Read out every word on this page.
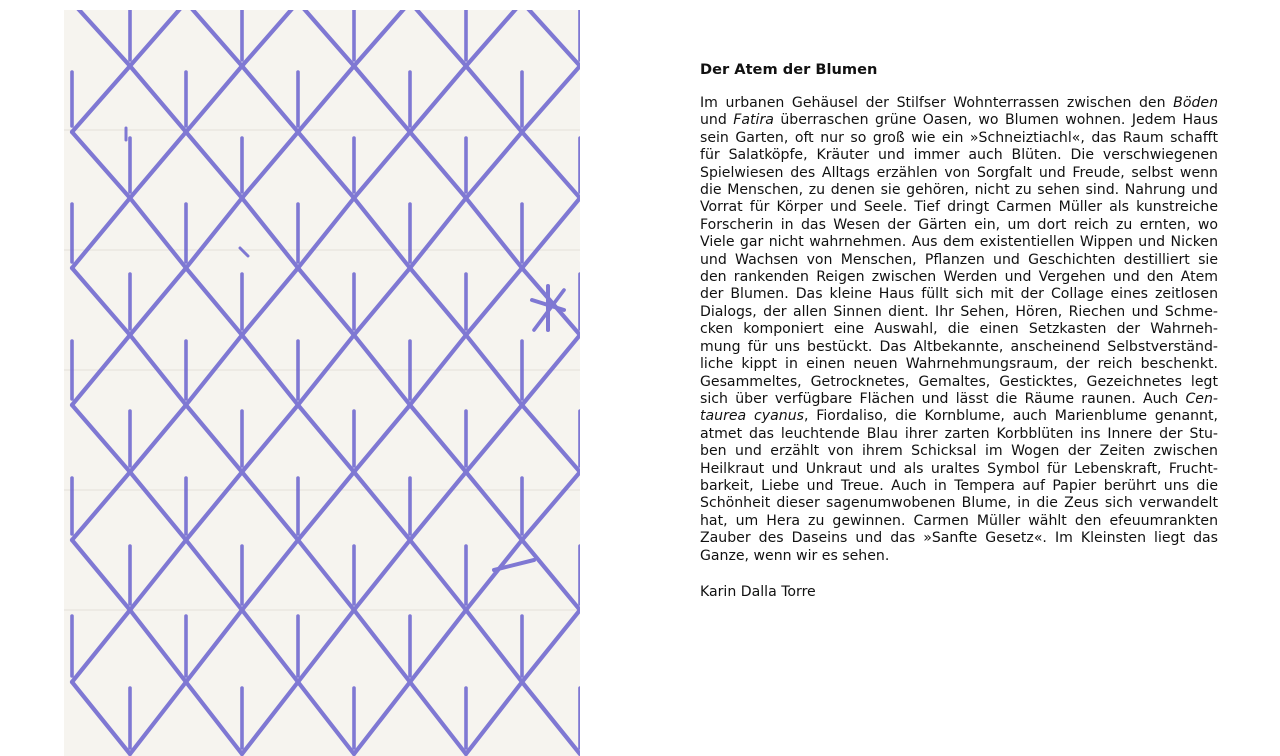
Der Atem der Blumen
Im urbanen Gehäusel der Stilfser Wohnterrassen zwischen den Böden
und Fatira überraschen grüne Oasen, wo Blumen wohnen. Jedem Haus
sein Garten, oft nur so groß wie ein »Schneiztiachl«, das Raum schafft
für Salatköpfe, Kräuter und immer auch Blüten. Die verschwiegenen
Spielwiesen des Alltags erzählen von Sorgfalt und Freude, selbst wenn
die Menschen, zu denen sie gehören, nicht zu sehen sind. Nahrung und
Vorrat für Körper und Seele. Tief dringt Carmen Müller als kunstreiche
Forscherin in das Wesen der Gärten ein, um dort reich zu ernten, wo
Viele gar nicht wahrnehmen. Aus dem existentiellen Wippen und Nicken
und Wachsen von Menschen, Pflanzen und Geschichten destilliert sie
den rankenden Reigen zwischen Werden und Vergehen und den Atem
der Blumen. Das kleine Haus füllt sich mit der Collage eines zeitlosen
Dialogs, der allen Sinnen dient. Ihr Sehen, Hören, Riechen und Schme-
cken komponiert eine Auswahl, die einen Setzkasten der Wahrneh-
mung für uns bestückt. Das Altbekannte, anscheinend Selbstverständ-
liche kippt in einen neuen Wahrnehmungsraum, der reich beschenkt.
Gesammeltes, Getrocknetes, Gemaltes, Gesticktes, Gezeichnetes legt
sich über verfügbare Flächen und lässt die Räume raunen. Auch Cen-
taurea cyanus, Fiordaliso, die Kornblume, auch Marienblume genannt,
atmet das leuchtende Blau ihrer zarten Korbblüten ins Innere der Stu-
ben und erzählt von ihrem Schicksal im Wogen der Zeiten zwischen
Heilkraut und Unkraut und als uraltes Symbol für Lebenskraft, Frucht-
barkeit, Liebe und Treue. Auch in Tempera auf Papier berührt uns die
Schönheit dieser sagenumwobenen Blume, in die Zeus sich verwandelt
hat, um Hera zu gewinnen. Carmen Müller wählt den efeuumrankten
Zauber des Daseins und das »Sanfte Gesetz«. Im Kleinsten liegt das
Ganze, wenn wir es sehen.
Karin Dalla Torre
